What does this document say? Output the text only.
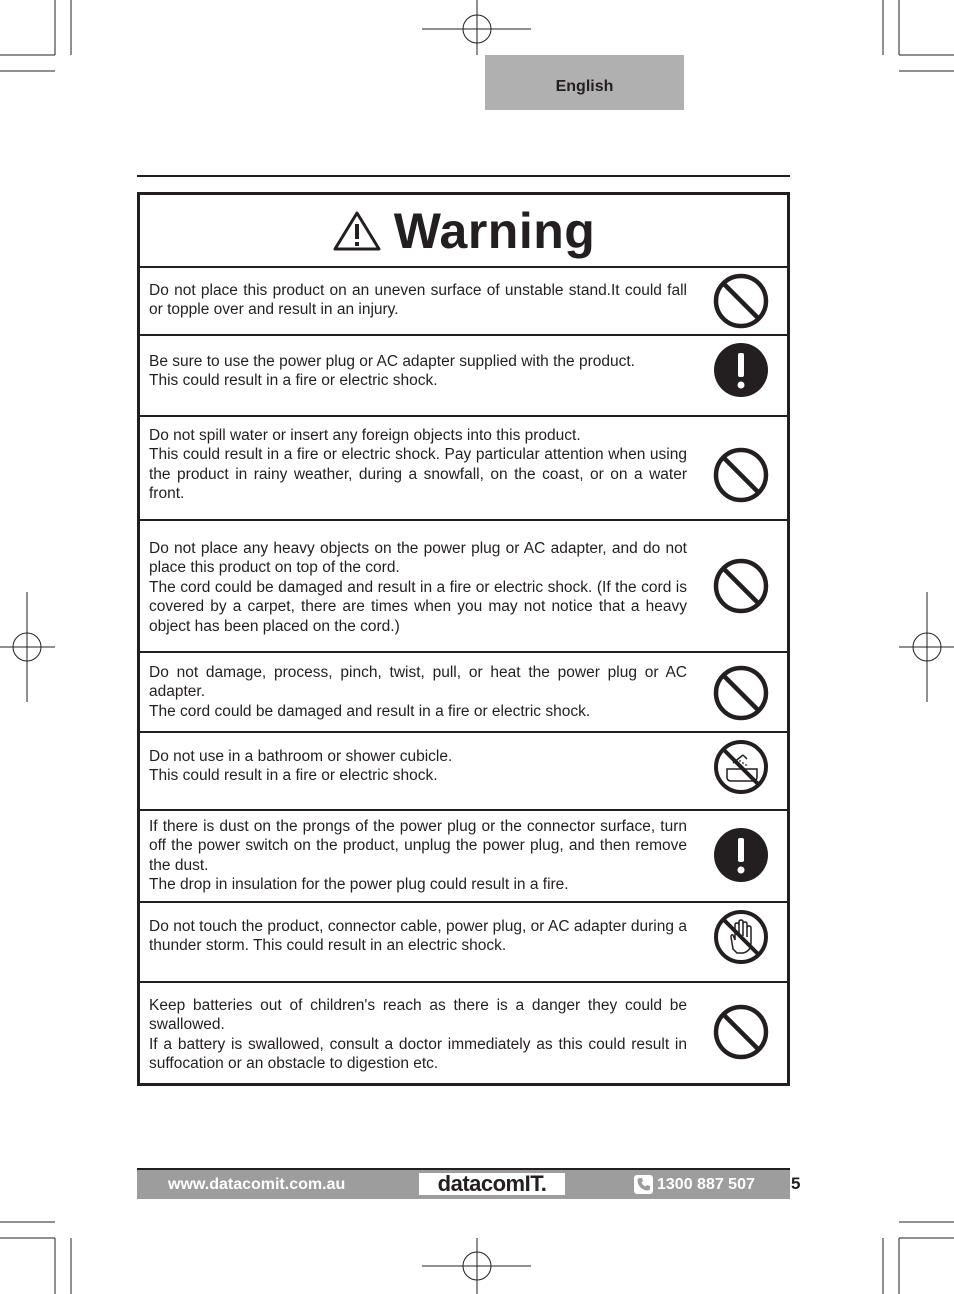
English
Warning
Do not place this product on an uneven surface of unstable stand.It could fall or topple over and result in an injury.
Be sure to use the power plug or AC adapter supplied with the product.
This could result in a fire or electric shock.
Do not spill water or insert any foreign objects into this product.
This could result in a fire or electric shock. Pay particular attention when using the product in rainy weather, during a snowfall, on the coast, or on a water front.
Do not place any heavy objects on the power plug or AC adapter, and do not place this product on top of the cord.
The cord could be damaged and result in a fire or electric shock. (If the cord is covered by a carpet, there are times when you may not notice that a heavy object has been placed on the cord.)
Do not damage, process, pinch, twist, pull, or heat the power plug or AC adapter.
The cord could be damaged and result in a fire or electric shock.
Do not use in a bathroom or shower cubicle.
This could result in a fire or electric shock.
If there is dust on the prongs of the power plug or the connector surface, turn off the power switch on the product, unplug the power plug, and then remove the dust.
The drop in insulation for the power plug could result in a fire.
Do not touch the product, connector cable, power plug, or AC adapter during a thunder storm. This could result in an electric shock.
Keep batteries out of children's reach as there is a danger they could be swallowed.
If a battery is swallowed, consult a doctor immediately as this could result in suffocation or an obstacle to digestion etc.
www.datacomit.com.au	datacomIT.	1300 887 507 5
